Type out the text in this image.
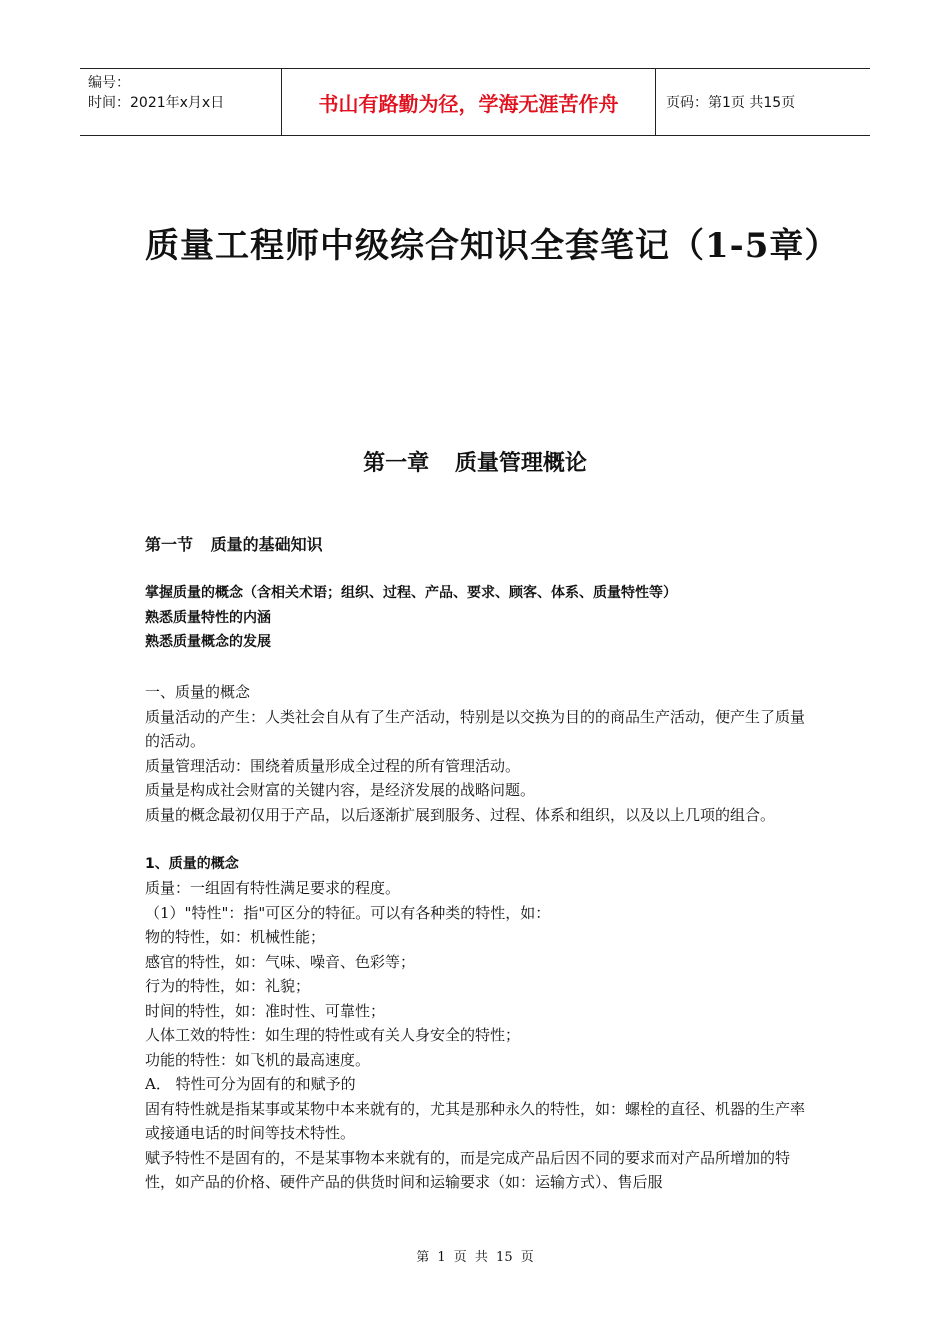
编号：
时间：2021年x月x日	书山有路勤为径，学海无涯苦作舟	页码：第1页 共15页
质量工程师中级综合知识全套笔记（1-5章）
第一章 质量管理概论
第一节 质量的基础知识
掌握质量的概念（含相关术语；组织、过程、产品、要求、顾客、体系、质量特性等）
熟悉质量特性的内涵
熟悉质量概念的发展

一、质量的概念

质量活动的产生：人类社会自从有了生产活动，特别是以交换为目的的商品生产活动，便产生了质量的活动。

质量管理活动：围绕着质量形成全过程的所有管理活动。

质量是构成社会财富的关键内容，是经济发展的战略问题。

质量的概念最初仅用于产品，以后逐渐扩展到服务、过程、体系和组织，以及以上几项的组合。

1、质量的概念

质量：一组固有特性满足要求的程度。

（1）"特性"：指"可区分的特征。可以有各种类的特性，如：

物的特性，如：机械性能；

感官的特性，如：气味、噪音、色彩等；

行为的特性，如：礼貌；

时间的特性，如：准时性、可靠性；

人体工效的特性：如生理的特性或有关人身安全的特性；

功能的特性：如飞机的最高速度。

A． 特性可分为固有的和赋予的

固有特性就是指某事或某物中本来就有的，尤其是那种永久的特性，如：螺栓的直径、机器的生产率或接通电话的时间等技术特性。

赋予特性不是固有的，不是某事物本来就有的，而是完成产品后因不同的要求而对产品所增加的特性，如产品的价格、硬件产品的供货时间和运输要求（如：运输方式）、售后服

第 1 页 共 15 页
